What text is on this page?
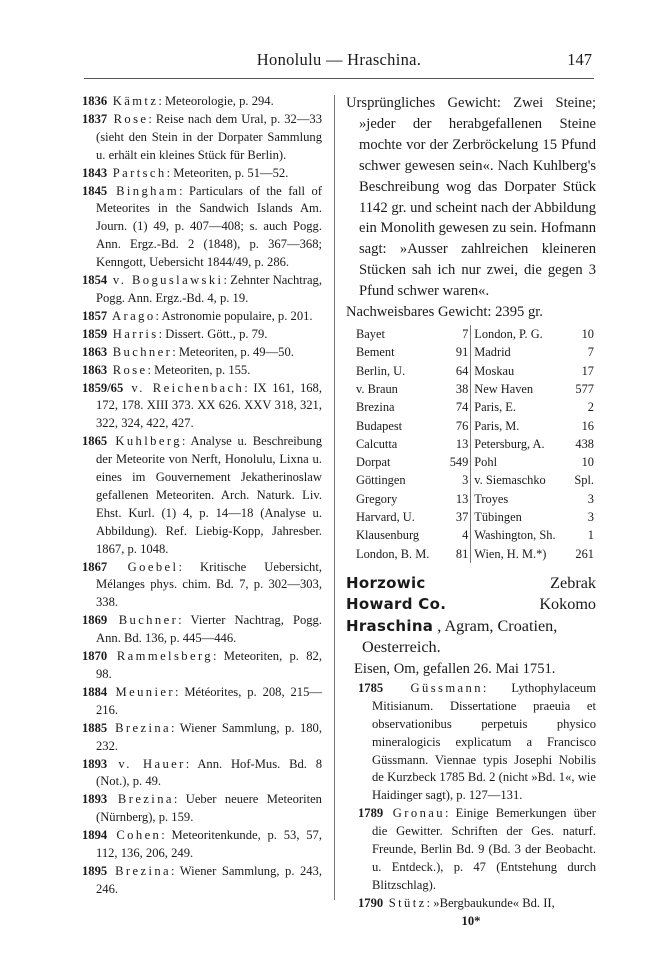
Honolulu — Hraschina.	147
1836 Kämtz: Meteorologie, p. 294.
1837 Rose: Reise nach dem Ural, p. 32—33 (sieht den Stein in der Dorpater Sammlung u. erhält ein kleines Stück für Berlin).
1843 Partsch: Meteoriten, p. 51—52.
1845 Bingham: Particulars of the fall of Meteorites in the Sandwich Islands Am. Journ. (1) 49, p. 407—408; s. auch Pogg. Ann. Ergz.-Bd. 2 (1848), p. 367—368; Kenngott, Uebersicht 1844/49, p. 286.
1854 v. Boguslawski: Zehnter Nachtrag, Pogg. Ann. Ergz.-Bd. 4, p. 19.
1857 Arago: Astronomie populaire, p. 201.
1859 Harris: Dissert. Gött., p. 79.
1863 Buchner: Meteoriten, p. 49—50.
1863 Rose: Meteoriten, p. 155.
1859/65 v. Reichenbach: IX 161, 168, 172, 178. XIII 373. XX 626. XXV 318, 321, 322, 324, 422, 427.
1865 Kuhlberg: Analyse u. Beschreibung der Meteorite von Nerft, Honolulu, Lixna u. eines im Gouvernement Jekatherinoslaw gefallenen Meteoriten. Arch. Naturk. Liv. Ehst. Kurl. (1) 4, p. 14—18 (Analyse u. Abbildung). Ref. Liebig-Kopp, Jahresber. 1867, p. 1048.
1867 Goebel: Kritische Uebersicht, Mélanges phys. chim. Bd. 7, p. 302—303, 338.
1869 Buchner: Vierter Nachtrag, Pogg. Ann. Bd. 136, p. 445—446.
1870 Rammelsberg: Meteoriten, p. 82, 98.
1884 Meunier: Météorites, p. 208, 215—216.
1885 Brezina: Wiener Sammlung, p. 180, 232.
1893 v. Hauer: Ann. Hof-Mus. Bd. 8 (Not.), p. 49.
1893 Brezina: Ueber neuere Meteoriten (Nürnberg), p. 159.
1894 Cohen: Meteoritenkunde, p. 53, 57, 112, 136, 206, 249.
1895 Brezina: Wiener Sammlung, p. 243, 246.
Ursprüngliches Gewicht: Zwei Steine; »jeder der herabgefallenen Steine mochte vor der Zerbröckelung 15 Pfund schwer gewesen sein«. Nach Kuhlberg's Beschreibung wog das Dorpater Stück 1142 gr. und scheint nach der Abbildung ein Monolith gewesen zu sein. Hofmann sagt: »Ausser zahlreichen kleineren Stücken sah ich nur zwei, die gegen 3 Pfund schwer waren«.
Nachweisbares Gewicht: 2395 gr.
Bayet	7	London, P. G.	10
Bement	91	Madrid	7
Berlin, U.	64	Moskau	17
v. Braun	38	New Haven	577
Brezina	74	Paris, E.	2
Budapest	76	Paris, M.	16
Calcutta	13	Petersburg, A.	438
Dorpat	549	Pohl	10
Göttingen	3	v. Siemaschko	Spl.
Gregory	13	Troyes	3
Harvard, U.	37	Tübingen	3
Klausenburg	4	Washington, Sh.	1
London, B. M.	81	Wien, H. M.*)	261
Horzowic	Zebrak
Howard Co.	Kokomo
Hraschina , Agram, Croatien,
Oesterreich.
Eisen, Om, gefallen 26. Mai 1751.
1785 Güssmann: Lythophylaceum Mitisianum. Dissertatione praeuia et observationibus perpetuis physico mineralogicis explicatum a Francisco Güssmann. Viennae typis Josephi Nobilis de Kurzbeck 1785 Bd. 2 (nicht »Bd. 1«, wie Haidinger sagt), p. 127—131.
1789 Gronau: Einige Bemerkungen über die Gewitter. Schriften der Ges. naturf. Freunde, Berlin Bd. 9 (Bd. 3 der Beobacht. u. Entdeck.), p. 47 (Entstehung durch Blitzschlag).
1790 Stütz: »Bergbaukunde« Bd. II,
10*
